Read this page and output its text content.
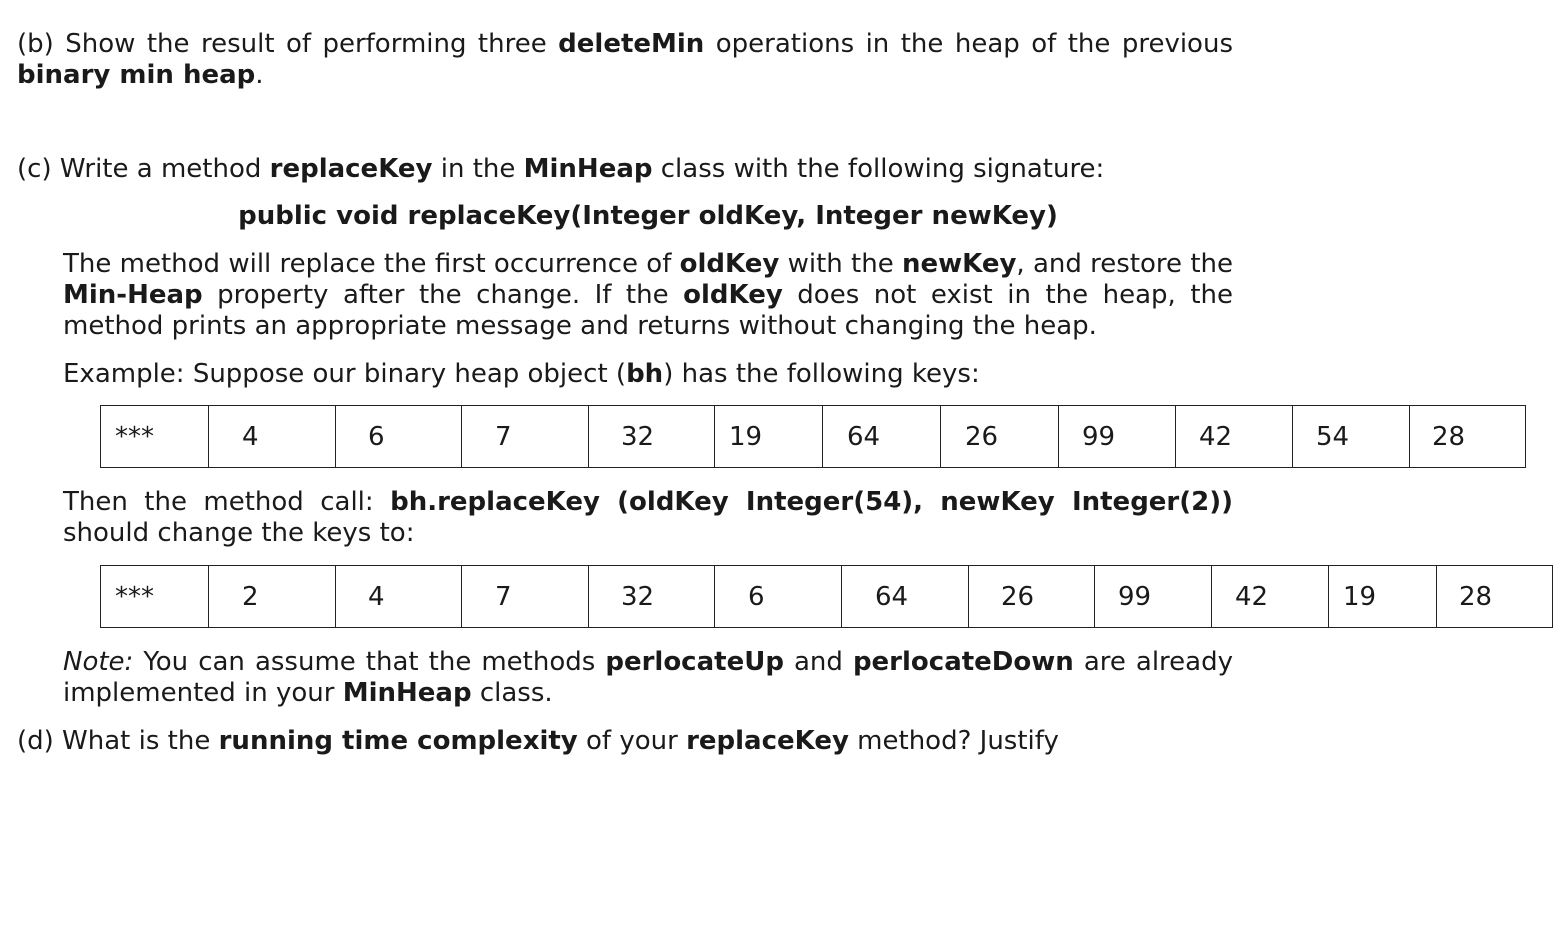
(b) Show the result of performing three deleteMin operations in the heap of the previous

binary min heap.

(c) Write a method replaceKey in the MinHeap class with the following signature:

public void replaceKey(Integer oldKey, Integer newKey)

The method will replace the first occurrence of oldKey with the newKey, and restore the Min-Heap property after the change. If the oldKey does not exist in the heap, the method prints an appropriate message and returns without changing the heap.

Example: Suppose our binary heap object (bh) has the following keys:

***	4	6	7	32	19	64	26	99	42	54	28

Then the method call: bh.replaceKey (oldKey Integer(54), newKey Integer(2))

should change the keys to:

***	2	4	7	32	6	64	26	99	42	19	28

Note: You can assume that the methods perlocateUp and perlocateDown are already implemented in your MinHeap class.

(d) What is the running time complexity of your replaceKey method? Justify
